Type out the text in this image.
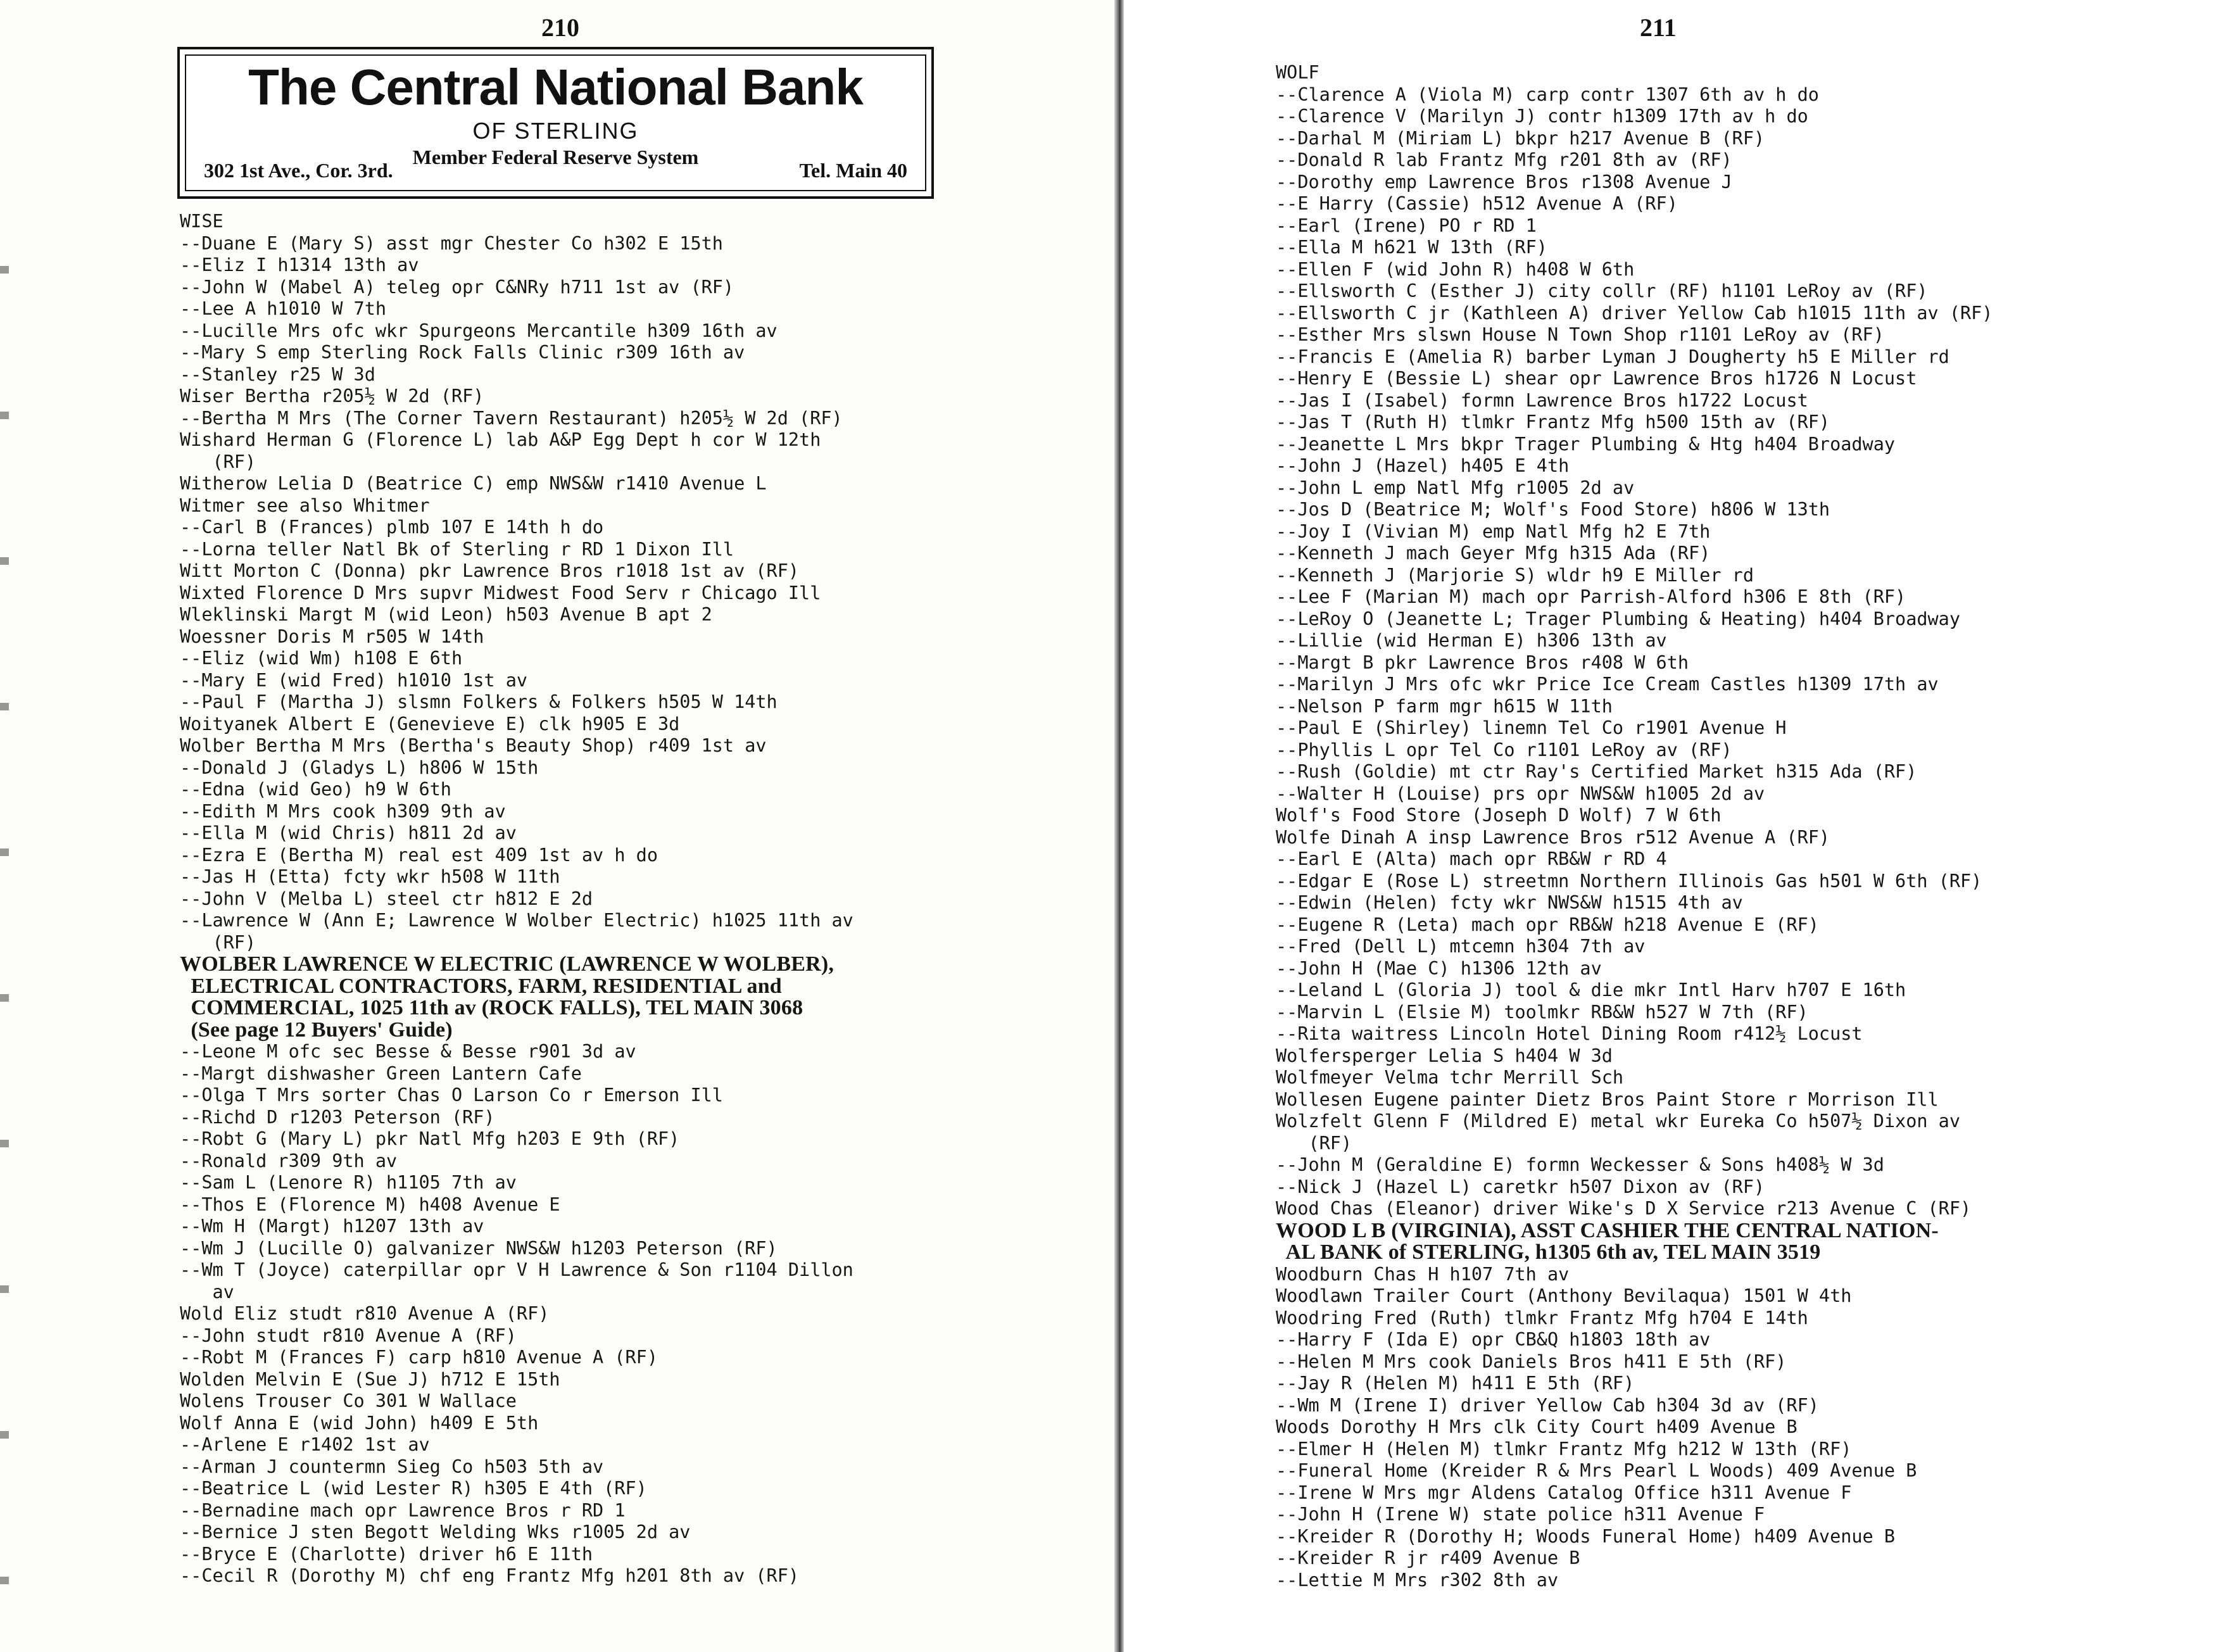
210
The Central National Bank
OF STERLING
Member Federal Reserve System
302 1st Ave., Cor. 3rd.	Tel. Main 40
WISE
--Duane E (Mary S) asst mgr Chester Co h302 E 15th
--Eliz I h1314 13th av
--John W (Mabel A) teleg opr C&NRy h711 1st av (RF)
--Lee A h1010 W 7th
--Lucille Mrs ofc wkr Spurgeons Mercantile h309 16th av
--Mary S emp Sterling Rock Falls Clinic r309 16th av
--Stanley r25 W 3d
Wiser Bertha r205½ W 2d (RF)
--Bertha M Mrs (The Corner Tavern Restaurant) h205½ W 2d (RF)
Wishard Herman G (Florence L) lab A&P Egg Dept h cor W 12th
(RF)
Witherow Lelia D (Beatrice C) emp NWS&W r1410 Avenue L
Witmer see also Whitmer
--Carl B (Frances) plmb 107 E 14th h do
--Lorna teller Natl Bk of Sterling r RD 1 Dixon Ill
Witt Morton C (Donna) pkr Lawrence Bros r1018 1st av (RF)
Wixted Florence D Mrs supvr Midwest Food Serv r Chicago Ill
Wleklinski Margt M (wid Leon) h503 Avenue B apt 2
Woessner Doris M r505 W 14th
--Eliz (wid Wm) h108 E 6th
--Mary E (wid Fred) h1010 1st av
--Paul F (Martha J) slsmn Folkers & Folkers h505 W 14th
Woityanek Albert E (Genevieve E) clk h905 E 3d
Wolber Bertha M Mrs (Bertha's Beauty Shop) r409 1st av
--Donald J (Gladys L) h806 W 15th
--Edna (wid Geo) h9 W 6th
--Edith M Mrs cook h309 9th av
--Ella M (wid Chris) h811 2d av
--Ezra E (Bertha M) real est 409 1st av h do
--Jas H (Etta) fcty wkr h508 W 11th
--John V (Melba L) steel ctr h812 E 2d
--Lawrence W (Ann E; Lawrence W Wolber Electric) h1025 11th av
(RF)
WOLBER LAWRENCE W ELECTRIC (LAWRENCE W WOLBER),
ELECTRICAL CONTRACTORS, FARM, RESIDENTIAL and
COMMERCIAL, 1025 11th av (ROCK FALLS), TEL MAIN 3068
(See page 12 Buyers' Guide)
--Leone M ofc sec Besse & Besse r901 3d av
--Margt dishwasher Green Lantern Cafe
--Olga T Mrs sorter Chas O Larson Co r Emerson Ill
--Richd D r1203 Peterson (RF)
--Robt G (Mary L) pkr Natl Mfg h203 E 9th (RF)
--Ronald r309 9th av
--Sam L (Lenore R) h1105 7th av
--Thos E (Florence M) h408 Avenue E
--Wm H (Margt) h1207 13th av
--Wm J (Lucille O) galvanizer NWS&W h1203 Peterson (RF)
--Wm T (Joyce) caterpillar opr V H Lawrence & Son r1104 Dillon
av
Wold Eliz studt r810 Avenue A (RF)
--John studt r810 Avenue A (RF)
--Robt M (Frances F) carp h810 Avenue A (RF)
Wolden Melvin E (Sue J) h712 E 15th
Wolens Trouser Co 301 W Wallace
Wolf Anna E (wid John) h409 E 5th
--Arlene E r1402 1st av
--Arman J countermn Sieg Co h503 5th av
--Beatrice L (wid Lester R) h305 E 4th (RF)
--Bernadine mach opr Lawrence Bros r RD 1
--Bernice J sten Begott Welding Wks r1005 2d av
--Bryce E (Charlotte) driver h6 E 11th
--Cecil R (Dorothy M) chf eng Frantz Mfg h201 8th av (RF)
211
WOLF
--Clarence A (Viola M) carp contr 1307 6th av h do
--Clarence V (Marilyn J) contr h1309 17th av h do
--Darhal M (Miriam L) bkpr h217 Avenue B (RF)
--Donald R lab Frantz Mfg r201 8th av (RF)
--Dorothy emp Lawrence Bros r1308 Avenue J
--E Harry (Cassie) h512 Avenue A (RF)
--Earl (Irene) PO r RD 1
--Ella M h621 W 13th (RF)
--Ellen F (wid John R) h408 W 6th
--Ellsworth C (Esther J) city collr (RF) h1101 LeRoy av (RF)
--Ellsworth C jr (Kathleen A) driver Yellow Cab h1015 11th av (RF)
--Esther Mrs slswn House N Town Shop r1101 LeRoy av (RF)
--Francis E (Amelia R) barber Lyman J Dougherty h5 E Miller rd
--Henry E (Bessie L) shear opr Lawrence Bros h1726 N Locust
--Jas I (Isabel) formn Lawrence Bros h1722 Locust
--Jas T (Ruth H) tlmkr Frantz Mfg h500 15th av (RF)
--Jeanette L Mrs bkpr Trager Plumbing & Htg h404 Broadway
--John J (Hazel) h405 E 4th
--John L emp Natl Mfg r1005 2d av
--Jos D (Beatrice M; Wolf's Food Store) h806 W 13th
--Joy I (Vivian M) emp Natl Mfg h2 E 7th
--Kenneth J mach Geyer Mfg h315 Ada (RF)
--Kenneth J (Marjorie S) wldr h9 E Miller rd
--Lee F (Marian M) mach opr Parrish-Alford h306 E 8th (RF)
--LeRoy O (Jeanette L; Trager Plumbing & Heating) h404 Broadway
--Lillie (wid Herman E) h306 13th av
--Margt B pkr Lawrence Bros r408 W 6th
--Marilyn J Mrs ofc wkr Price Ice Cream Castles h1309 17th av
--Nelson P farm mgr h615 W 11th
--Paul E (Shirley) linemn Tel Co r1901 Avenue H
--Phyllis L opr Tel Co r1101 LeRoy av (RF)
--Rush (Goldie) mt ctr Ray's Certified Market h315 Ada (RF)
--Walter H (Louise) prs opr NWS&W h1005 2d av
Wolf's Food Store (Joseph D Wolf) 7 W 6th
Wolfe Dinah A insp Lawrence Bros r512 Avenue A (RF)
--Earl E (Alta) mach opr RB&W r RD 4
--Edgar E (Rose L) streetmn Northern Illinois Gas h501 W 6th (RF)
--Edwin (Helen) fcty wkr NWS&W h1515 4th av
--Eugene R (Leta) mach opr RB&W h218 Avenue E (RF)
--Fred (Dell L) mtcemn h304 7th av
--John H (Mae C) h1306 12th av
--Leland L (Gloria J) tool & die mkr Intl Harv h707 E 16th
--Marvin L (Elsie M) toolmkr RB&W h527 W 7th (RF)
--Rita waitress Lincoln Hotel Dining Room r412½ Locust
Wolfersperger Lelia S h404 W 3d
Wolfmeyer Velma tchr Merrill Sch
Wollesen Eugene painter Dietz Bros Paint Store r Morrison Ill
Wolzfelt Glenn F (Mildred E) metal wkr Eureka Co h507½ Dixon av
(RF)
--John M (Geraldine E) formn Weckesser & Sons h408½ W 3d
--Nick J (Hazel L) caretkr h507 Dixon av (RF)
Wood Chas (Eleanor) driver Wike's D X Service r213 Avenue C (RF)
WOOD L B (VIRGINIA), ASST CASHIER THE CENTRAL NATION-
AL BANK of STERLING, h1305 6th av, TEL MAIN 3519
Woodburn Chas H h107 7th av
Woodlawn Trailer Court (Anthony Bevilaqua) 1501 W 4th
Woodring Fred (Ruth) tlmkr Frantz Mfg h704 E 14th
--Harry F (Ida E) opr CB&Q h1803 18th av
--Helen M Mrs cook Daniels Bros h411 E 5th (RF)
--Jay R (Helen M) h411 E 5th (RF)
--Wm M (Irene I) driver Yellow Cab h304 3d av (RF)
Woods Dorothy H Mrs clk City Court h409 Avenue B
--Elmer H (Helen M) tlmkr Frantz Mfg h212 W 13th (RF)
--Funeral Home (Kreider R & Mrs Pearl L Woods) 409 Avenue B
--Irene W Mrs mgr Aldens Catalog Office h311 Avenue F
--John H (Irene W) state police h311 Avenue F
--Kreider R (Dorothy H; Woods Funeral Home) h409 Avenue B
--Kreider R jr r409 Avenue B
--Lettie M Mrs r302 8th av
